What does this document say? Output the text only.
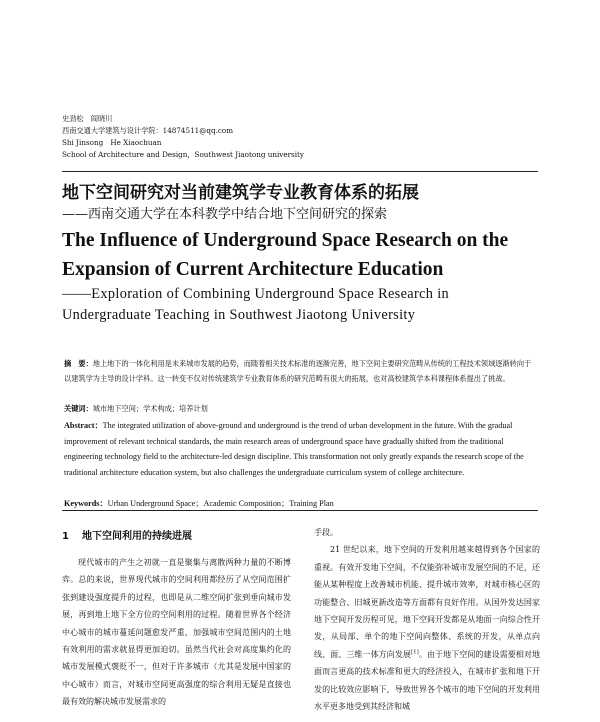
史劲松　阎晓川
西南交通大学建筑与设计学院：14874511@qq.com
Shi Jinsong　He Xiaochuan
School of Architecture and Design，Southwest Jiaotong university
地下空间研究对当前建筑学专业教育体系的拓展
——西南交通大学在本科教学中结合地下空间研究的探索
The Influence of Underground Space Research on the Expansion of Current Architecture Education
——Exploration of Combining Underground Space Research in Undergraduate Teaching in Southwest Jiaotong University
摘　要：地上地下的一体化利用是未来城市发展的趋势，而随着相关技术标准的逐渐完善，地下空间主要研究范畴从传统的工程技术领域逐渐转向于以建筑学为主导的设计学科。这一转变不仅对传统建筑学专业教育体系的研究范畴有很大的拓展，也对高校建筑学本科课程体系提出了挑战。
关键词：城市地下空间；学术构成；培养计划
Abstract：The integrated utilization of above-ground and underground is the trend of urban development in the future. With the gradual improvement of relevant technical standards, the main research areas of underground space have gradually shifted from the traditional engineering technology field to the architecture-led design discipline. This transformation not only greatly expands the research scope of the traditional architecture education system, but also challenges the undergraduate curriculum system of college architecture.
Keywords：Urban Underground Space；Academic Composition；Training Plan
1 地下空间利用的持续进展
现代城市的产生之初就一直是聚集与离散两种力量的不断博弈。总的来说，世界现代城市的空间利用都经历了从空间范围扩张到建设强度提升的过程，也即是从二维空间扩张到垂向城市发展，再到地上地下全方位的空间利用的过程。随着世界各个经济中心城市的城市蔓延问题愈发严重，加强城市空间范围内的土地有效利用的需求就显得更加迫切。虽然当代社会对高度集约化的城市发展模式褒贬不一，但对于许多城市（尤其是发展中国家的中心城市）而言，对城市空间更高强度的综合利用无疑是直接也最有效的解决城市发展需求的

手段。

21 世纪以来，地下空间的开发利用越来越得到各个国家的重视。有效开发地下空间，不仅能弥补城市发展空间的不足，还能从某种程度上改善城市机能、提升城市效率，对城市核心区的功能整合、旧城更新改造等方面都有良好作用。从国外发达国家地下空间开发历程可见，地下空间开发都是从地面一向综合性开发，从局部、单个的地下空间向整体、系统的开发，从单点向线、面、三维一体方向发展[1]。由于地下空间的建设需要相对地面而言更高的技术标准和更大的经济投入，在城市扩张和地下开发的比较效应影响下，导致世界各个城市的地下空间的开发利用水平更多地受到其经济和城
